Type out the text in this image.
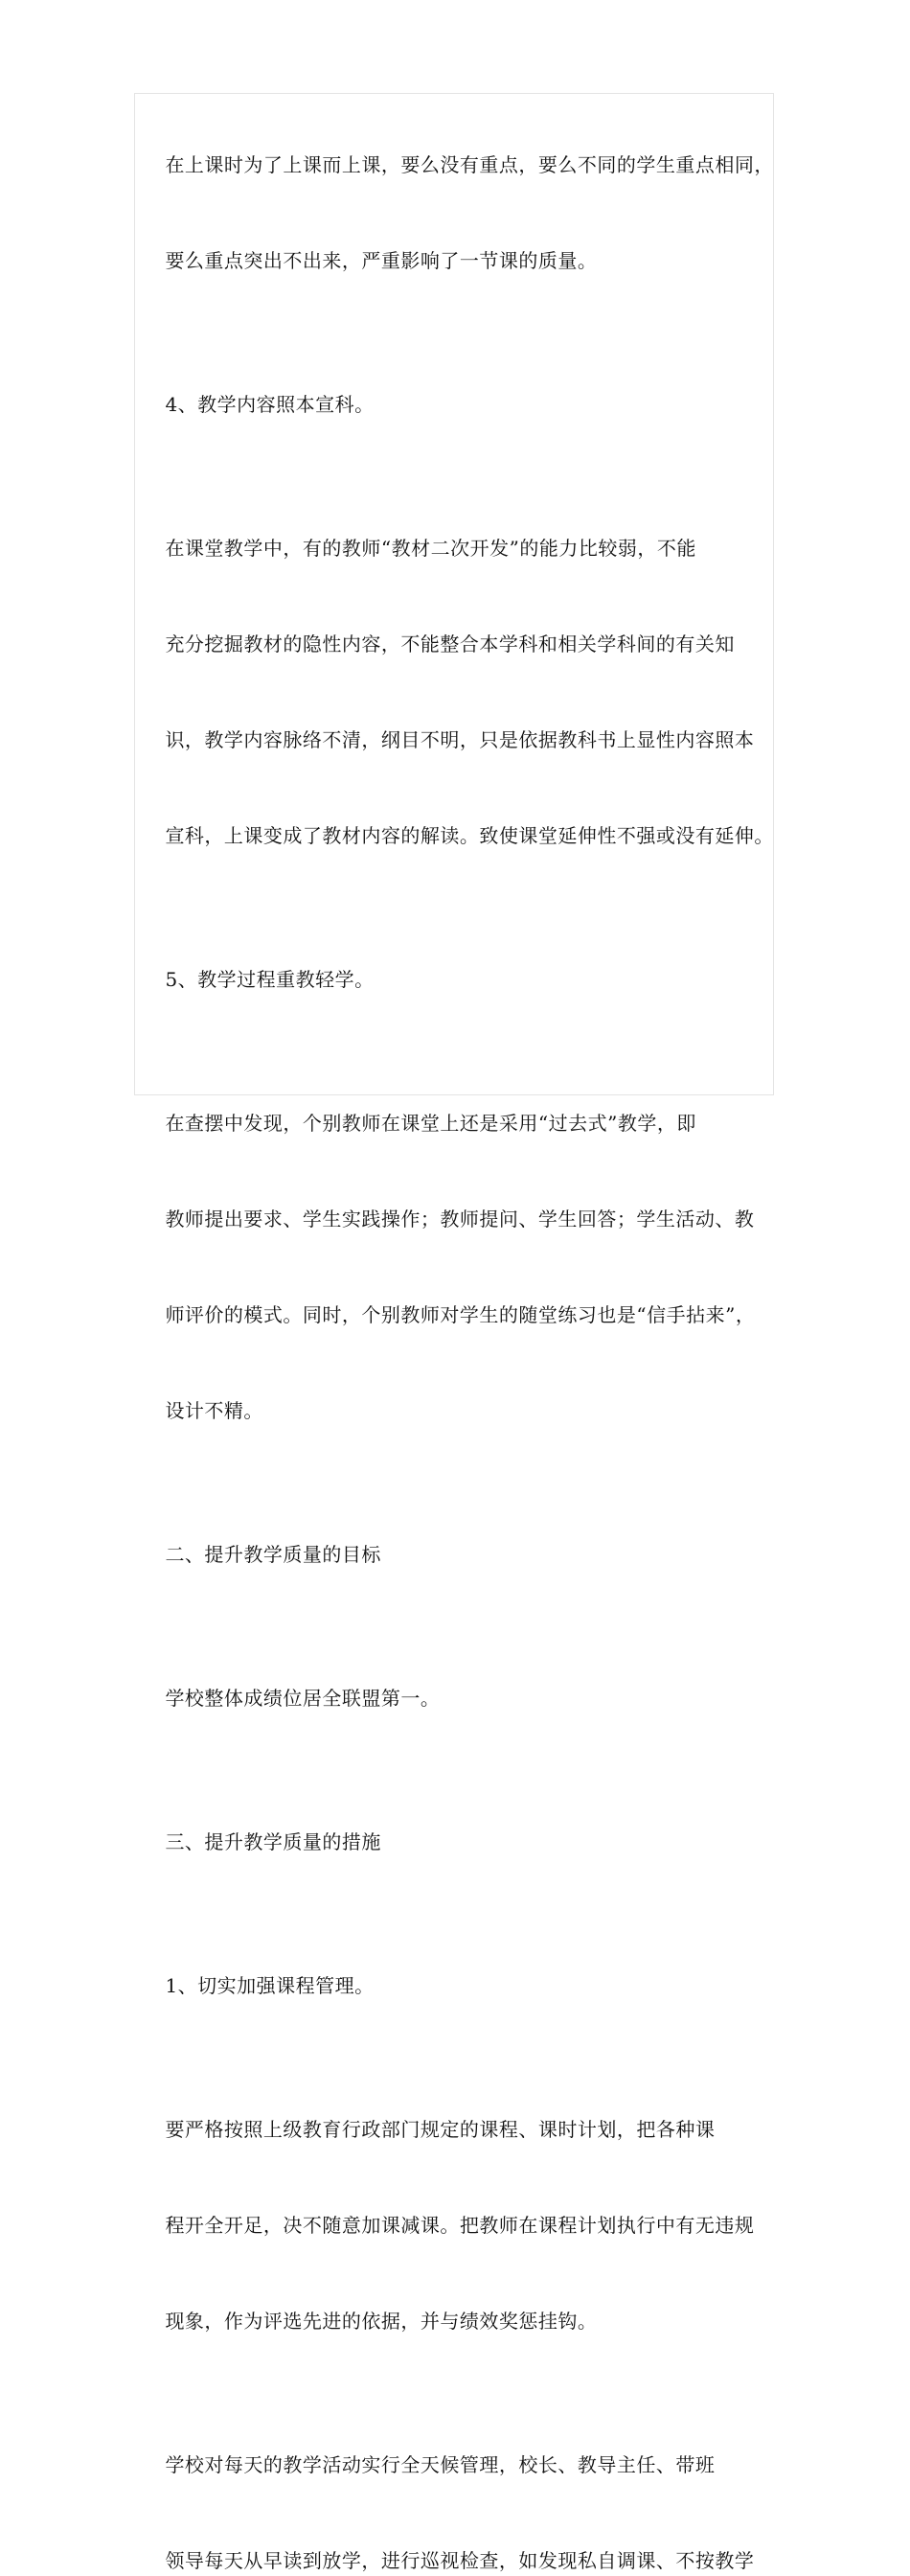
在上课时为了上课而上课，要么没有重点，要么不同的学生重点相同，

要么重点突出不出来，严重影响了一节课的质量。

4、教学内容照本宣科。

在课堂教学中，有的教师“教材二次开发”的能力比较弱，不能

充分挖掘教材的隐性内容，不能整合本学科和相关学科间的有关知

识，教学内容脉络不清，纲目不明，只是依据教科书上显性内容照本

宣科，上课变成了教材内容的解读。致使课堂延伸性不强或没有延伸。

5、教学过程重教轻学。

在查摆中发现，个别教师在课堂上还是采用“过去式”教学，即

教师提出要求、学生实践操作；教师提问、学生回答；学生活动、教

师评价的模式。同时，个别教师对学生的随堂练习也是“信手拈来”，

设计不精。

二、提升教学质量的目标

学校整体成绩位居全联盟第一。

三、提升教学质量的措施

1、切实加强课程管理。

要严格按照上级教育行政部门规定的课程、课时计划，把各种课

程开全开足，决不随意加课减课。把教师在课程计划执行中有无违规

现象，作为评选先进的依据，并与绩效奖惩挂钩。

学校对每天的教学活动实行全天候管理，校长、教导主任、带班

领导每天从早读到放学，进行巡视检查，如发现私自调课、不按教学
